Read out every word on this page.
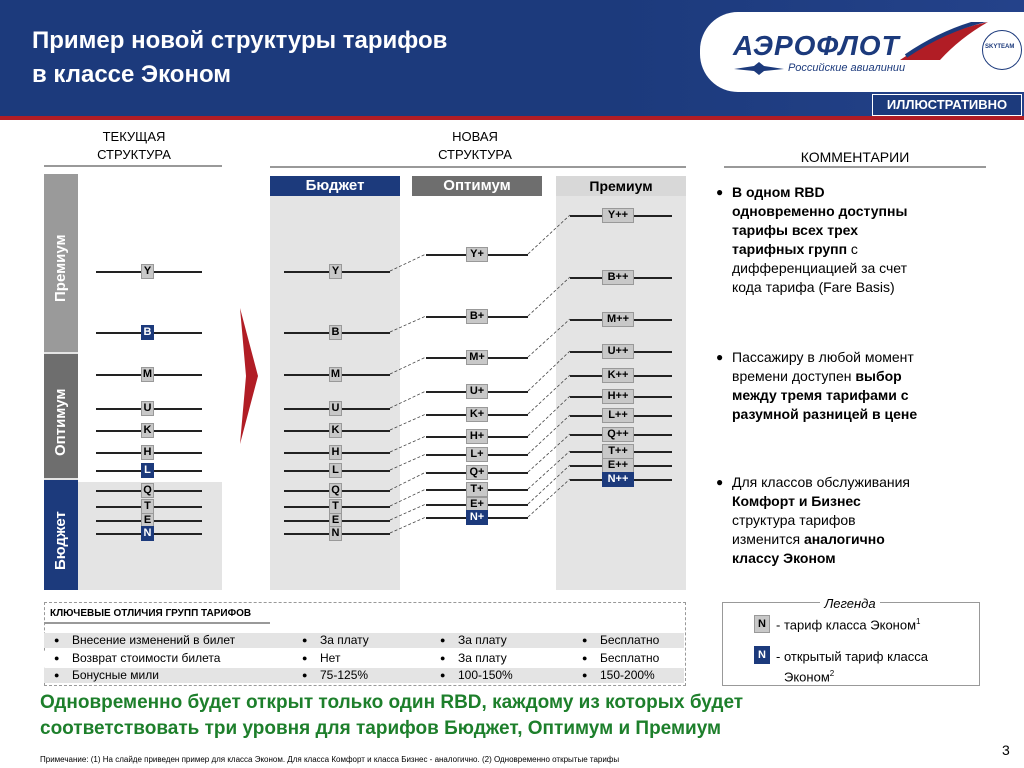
Пример новой структуры тарифов
в классе Эконом
АЭРОФЛОТ
Российские авиалинии
SKYTEAM
ИЛЛЮСТРАТИВНО
ТЕКУЩАЯ
СТРУКТУРА
НОВАЯ
СТРУКТУРА	КОММЕНТАРИИ
Премиум
Оптимум
Бюджет
Бюджет	Оптимум	Премиум
Y
B
M
U
K
H
L
Q
T
E
N
Y
B
M
U
K
H
L
Q
T
E
N
Y+
B+
M+
U+
K+
H+
L+
Q+
T+
E+
N+
Y++
B++
M++
U++
K++
H++
L++
Q++
T++
E++
N++
● В одном RBD
одновременно доступны
тарифы всех трех
тарифных групп с
дифференциацией за счет
кода тарифа (Fare Basis)
● Пассажиру в любой момент
времени доступен выбор
между тремя тарифами с
разумной разницей в цене
● Для классов обслуживания
Комфорт и Бизнес
структура тарифов
изменится аналогично
классу Эконом
КЛЮЧЕВЫЕ ОТЛИЧИЯ ГРУПП ТАРИФОВ
● Внесение изменений в билет	● За плату	● За плату	● Бесплатно
● Возврат стоимости билета	● Нет	● За плату	● Бесплатно
● Бонусные мили	● 75-125%	● 100-150%	● 150-200%
Легенда
N - тариф класса Эконом$^1$
N - открытый тариф класса
Эконом$^2$
Одновременно будет открыт только один RBD, каждому из которых будет
соответствовать три уровня для тарифов Бюджет, Оптимум и Премиум
Примечание: (1) На слайде приведен пример для класса Эконом. Для класса Комфорт и класса Бизнес - аналогично. (2) Одновременно открытые тарифы
3
